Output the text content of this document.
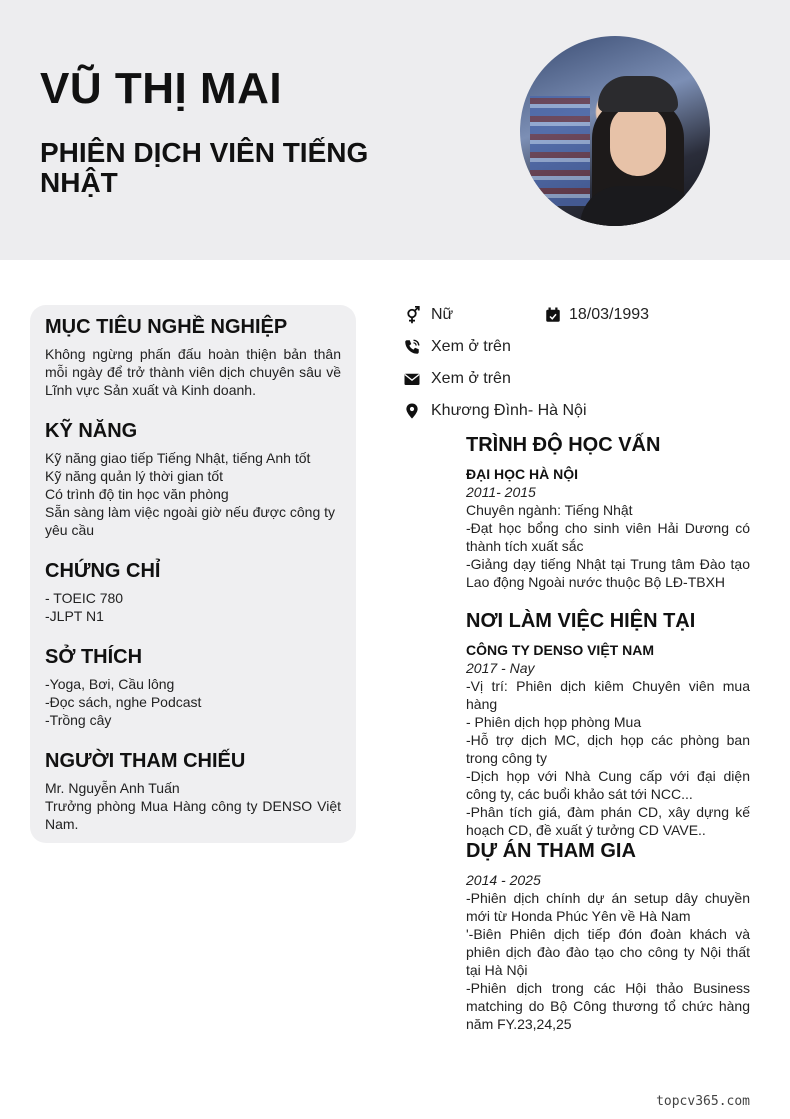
VŨ THỊ MAI
PHIÊN DỊCH VIÊN TIẾNG NHẬT
MỤC TIÊU NGHỀ NGHIỆP

Không ngừng phấn đấu hoàn thiện bản thân mỗi ngày để trở thành viên dịch chuyên sâu về Lĩnh vực Sản xuất và Kinh doanh.

KỸ NĂNG

Kỹ năng giao tiếp Tiếng Nhật, tiếng Anh tốt

Kỹ năng quản lý thời gian tốt

Có trình độ tin học văn phòng

Sẵn sàng làm việc ngoài giờ nếu được công ty yêu cầu

CHỨNG CHỈ

- TOEIC 780

-JLPT N1

SỞ THÍCH

-Yoga, Bơi, Cầu lông

-Đọc sách, nghe Podcast

-Trồng cây

NGƯỜI THAM CHIẾU

Mr. Nguyễn Anh Tuấn

Trưởng phòng Mua Hàng công ty DENSO Việt Nam.

Nữ	18/03/1993
Xem ở trên
Xem ở trên
Khương Đình- Hà Nội
TRÌNH ĐỘ HỌC VẤN

ĐẠI HỌC HÀ NỘI

2011- 2015

Chuyên ngành: Tiếng Nhật

-Đạt học bổng cho sinh viên Hải Dương có thành tích xuất sắc

-Giảng dạy tiếng Nhật tại Trung tâm Đào tạo Lao động Ngoài nước thuộc Bộ LĐ-TBXH

NƠI LÀM VIỆC HIỆN TẠI

CÔNG TY DENSO VIỆT NAM

2017 - Nay

-Vị trí: Phiên dịch kiêm Chuyên viên mua hàng

- Phiên dịch họp phòng Mua

-Hỗ trợ dịch MC, dịch họp các phòng ban trong công ty

-Dịch họp với Nhà Cung cấp với đại diện công ty, các buổi khảo sát tới NCC...

-Phân tích giá, đàm phán CD, xây dựng kế hoạch CD, đề xuất ý tưởng CD VAVE..

DỰ ÁN THAM GIA

2014 - 2025

-Phiên dịch chính dự án setup dây chuyền mới từ Honda Phúc Yên về Hà Nam

'-Biên Phiên dịch tiếp đón đoàn khách và phiên dịch đào đào tạo cho công ty Nội thất tại Hà Nội

-Phiên dịch trong các Hội thảo Business matching do Bộ Công thương tổ chức hàng năm FY.23,24,25

topcv365.com
